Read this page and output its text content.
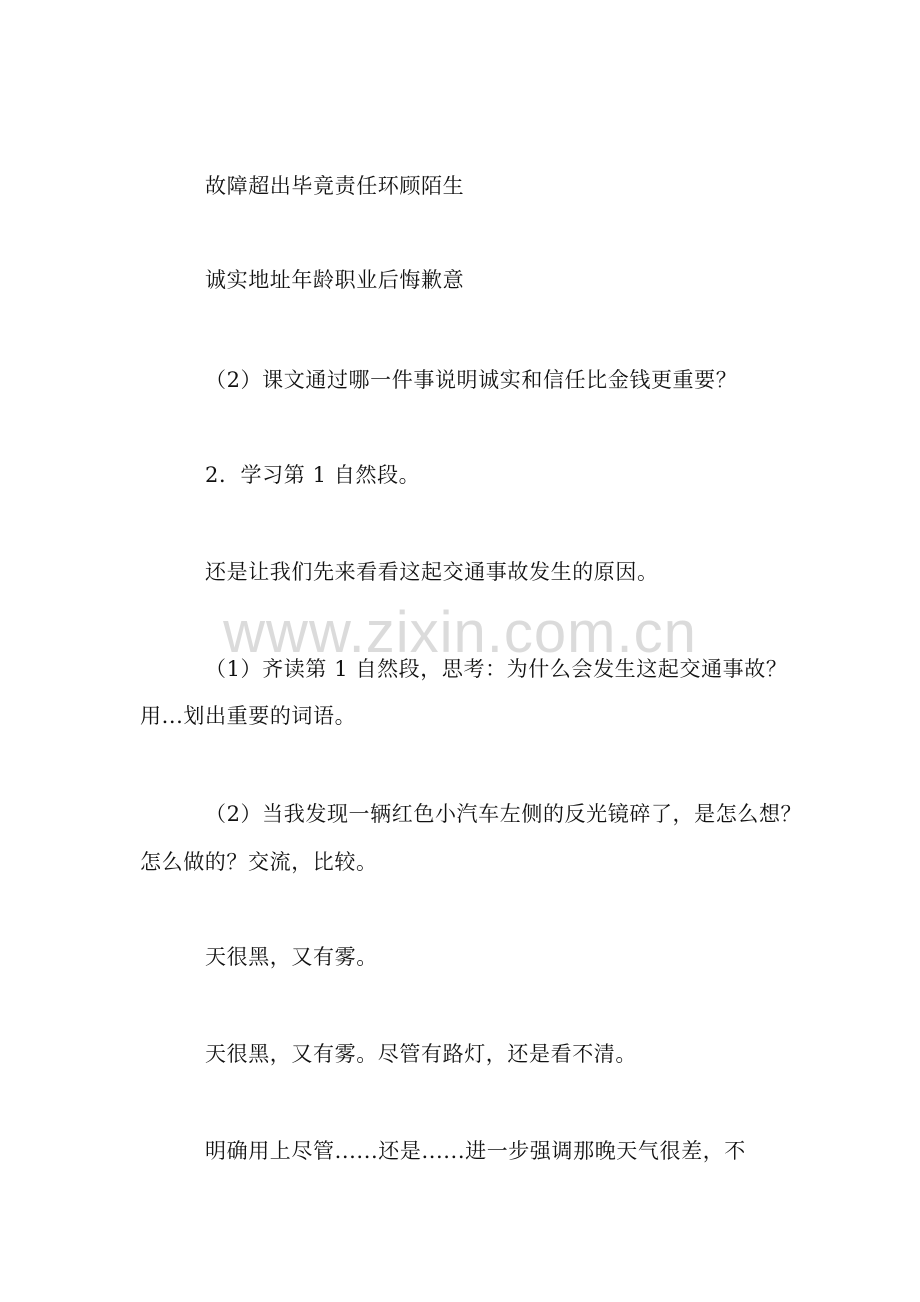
故障超出毕竟责任环顾陌生
诚实地址年龄职业后悔歉意
（2）课文通过哪一件事说明诚实和信任比金钱更重要？
2．学习第 1 自然段。
还是让我们先来看看这起交通事故发生的原因。
（1）齐读第 1 自然段，思考：为什么会发生这起交通事故？
用...划出重要的词语。
（2）当我发现一辆红色小汽车左侧的反光镜碎了，是怎么想？
怎么做的？交流，比较。
天很黑，又有雾。
天很黑，又有雾。尽管有路灯，还是看不清。
明确用上尽管......还是......进一步强调那晚天气很差，不
www.zixin.com.cn
